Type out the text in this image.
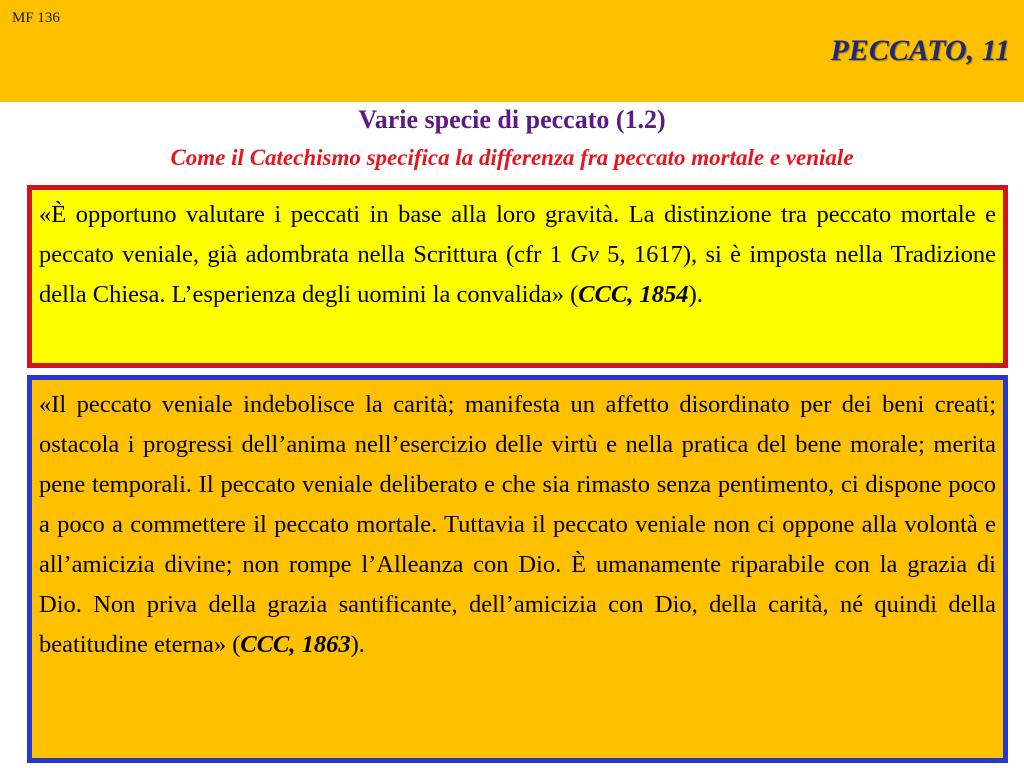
MF 136
PECCATO, 11
Varie specie di peccato (1.2)
Come il Catechismo specifica la differenza fra peccato mortale e veniale
«È opportuno valutare i peccati in base alla loro gravità. La distinzione tra peccato mortale e peccato veniale, già adombrata nella Scrittura (cfr 1 Gv 5, 1617), si è imposta nella Tradizione della Chiesa. L’esperienza degli uomini la convalida» (CCC, 1854).
«Il peccato veniale indebolisce la carità; manifesta un affetto disordinato per dei beni creati; ostacola i progressi dell’anima nell’esercizio delle virtù e nella pratica del bene morale; merita pene temporali. Il peccato veniale deliberato e che sia rimasto senza pentimento, ci dispone poco a poco a commettere il peccato mortale. Tuttavia il peccato veniale non ci oppone alla volontà e all’amicizia divine; non rompe l’Alleanza con Dio. È umanamente riparabile con la grazia di Dio. Non priva della grazia santificante, dell’amicizia con Dio, della carità, né quindi della beatitudine eterna» (CCC, 1863).
